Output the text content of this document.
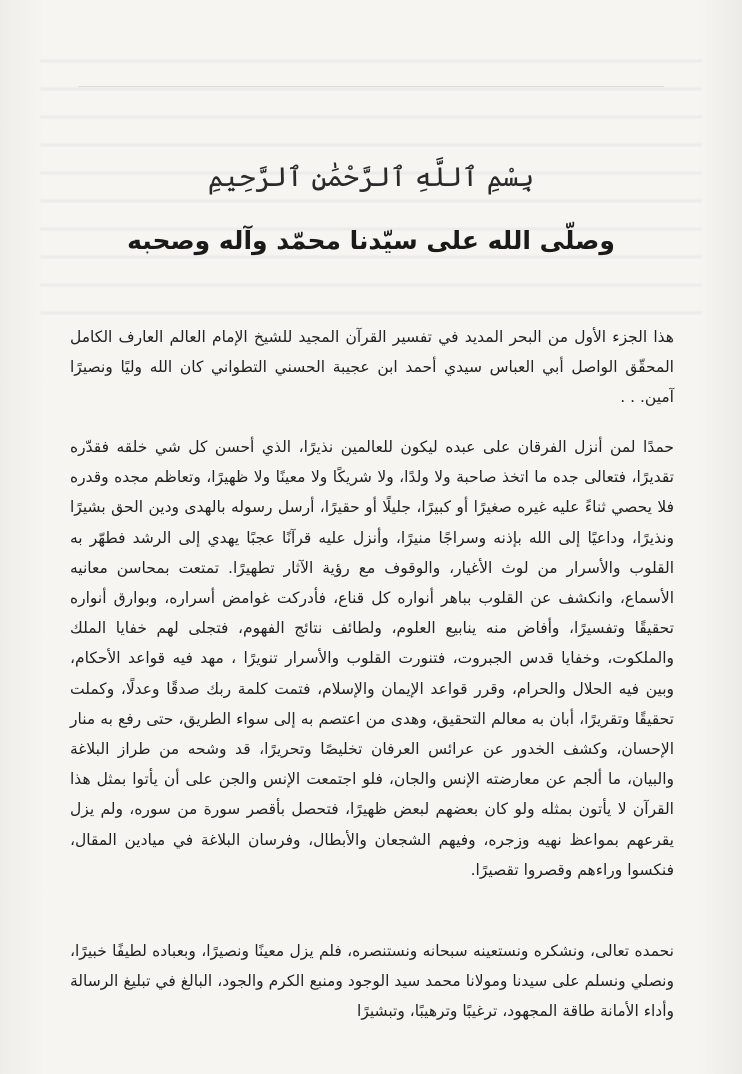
بِسْمِ ٱللَّهِ ٱلرَّحْمَٰنِ ٱلرَّحِيمِ
وصلّى الله على سيّدنا محمّد وآله وصحبه

هذا الجزء الأول من البحر المديد في تفسير القرآن المجيد للشيخ الإمام العالم العارف الكامل المحقّق الواصل أبي العباس سيدي أحمد ابن عجيبة الحسني التطواني كان الله وليًا ونصيرًا آمين. . .

حمدًا لمن أنزل الفرقان على عبده ليكون للعالمين نذيرًا، الذي أحسن كل شي خلقه فقدّره تقديرًا، فتعالى جده ما اتخذ صاحبة ولا ولدًا، ولا شريكًا ولا معينًا ولا ظهيرًا، وتعاظم مجده وقدره فلا يحصي ثناءً عليه غيره صغيرًا أو كبيرًا، جليلًا أو حقيرًا، أرسل رسوله بالهدى ودين الحق بشيرًا ونذيرًا، وداعيًا إلى الله بإذنه وسراجًا منيرًا، وأنزل عليه قرآنًا عجبًا يهدي إلى الرشد فطهّر به القلوب والأسرار من لوث الأغيار، والوقوف مع رؤية الآثار تطهيرًا. تمتعت بمحاسن معانيه الأسماع، وانكشف عن القلوب بباهر أنواره كل قناع، فأدركت غوامض أسراره، وبوارق أنواره تحقيقًا وتفسيرًا، وأفاض منه ينابيع العلوم، ولطائف نتائج الفهوم، فتجلى لهم خفايا الملك والملكوت، وخفايا قدس الجبروت، فتنورت القلوب والأسرار تنويرًا ، مهد فيه قواعد الأحكام، وبين فيه الحلال والحرام، وقرر قواعد الإيمان والإسلام، فتمت كلمة ربك صدقًا وعدلًا، وكملت تحقيقًا وتقريرًا، أبان به معالم التحقيق، وهدى من اعتصم به إلى سواء الطريق، حتى رفع به منار الإحسان، وكشف الخدور عن عرائس العرفان تخليصًا وتحريرًا، قد وشحه من طراز البلاغة والبيان، ما ألجم عن معارضته الإنس والجان، فلو اجتمعت الإنس والجن على أن يأتوا بمثل هذا القرآن لا يأتون بمثله ولو كان بعضهم لبعض ظهيرًا، فتحصل بأقصر سورة من سوره، ولم يزل يقرعهم بمواعظ نهيه وزجره، وفيهم الشجعان والأبطال، وفرسان البلاغة في ميادين المقال، فنكسوا وراءهم وقصروا تقصيرًا.

نحمده تعالى، ونشكره ونستعينه سبحانه ونستنصره، فلم يزل معينًا ونصيرًا، وبعباده لطيفًا خبيرًا، ونصلي ونسلم على سيدنا ومولانا محمد سيد الوجود ومنبع الكرم والجود، البالغ في تبليغ الرسالة وأداء الأمانة طاقة المجهود، ترغيبًا وترهيبًا، وتبشيرًا
